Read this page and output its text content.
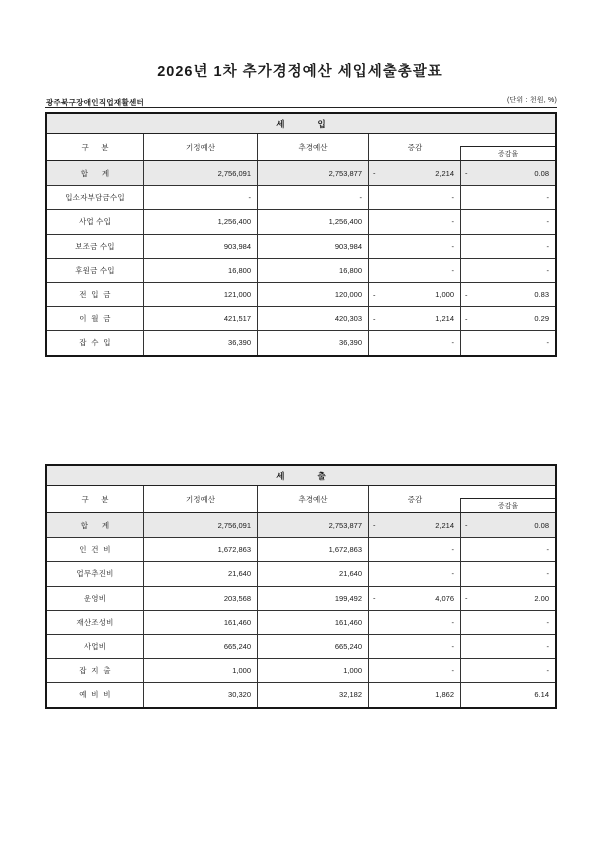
2026년 1차 추가경정예산 세입세출총괄표
광주북구장애인직업재활센터	(단위 : 천원, %)
세              입
구      분	기정예산	추경예산	증감
증감율
합      계	2,756,091	2,753,877 -	2,214 -	0.08
입소자부담금수입	-	-	-	-
사업 수입	1,256,400	1,256,400	-	-
보조금 수입	903,984	903,984	-	-
후원금 수입	16,800	16,800	-	-
전  입  금	121,000	120,000 -	1,000 -	0.83
이  월  금	421,517	420,303 -	1,214 -	0.29
잡  수  입	36,390	36,390	-	-
세              출
구      분	기정예산	추경예산	증감
증감율
합      계	2,756,091	2,753,877 -	2,214 -	0.08
인  건  비	1,672,863	1,672,863	-	-
업무추진비	21,640	21,640	-	-
운영비	203,568	199,492 -	4,076 -	2.00
재산조성비	161,460	161,460	-	-
사업비	665,240	665,240	-	-
잡  지  출	1,000	1,000	-	-
예  비  비	30,320	32,182	1,862	6.14
